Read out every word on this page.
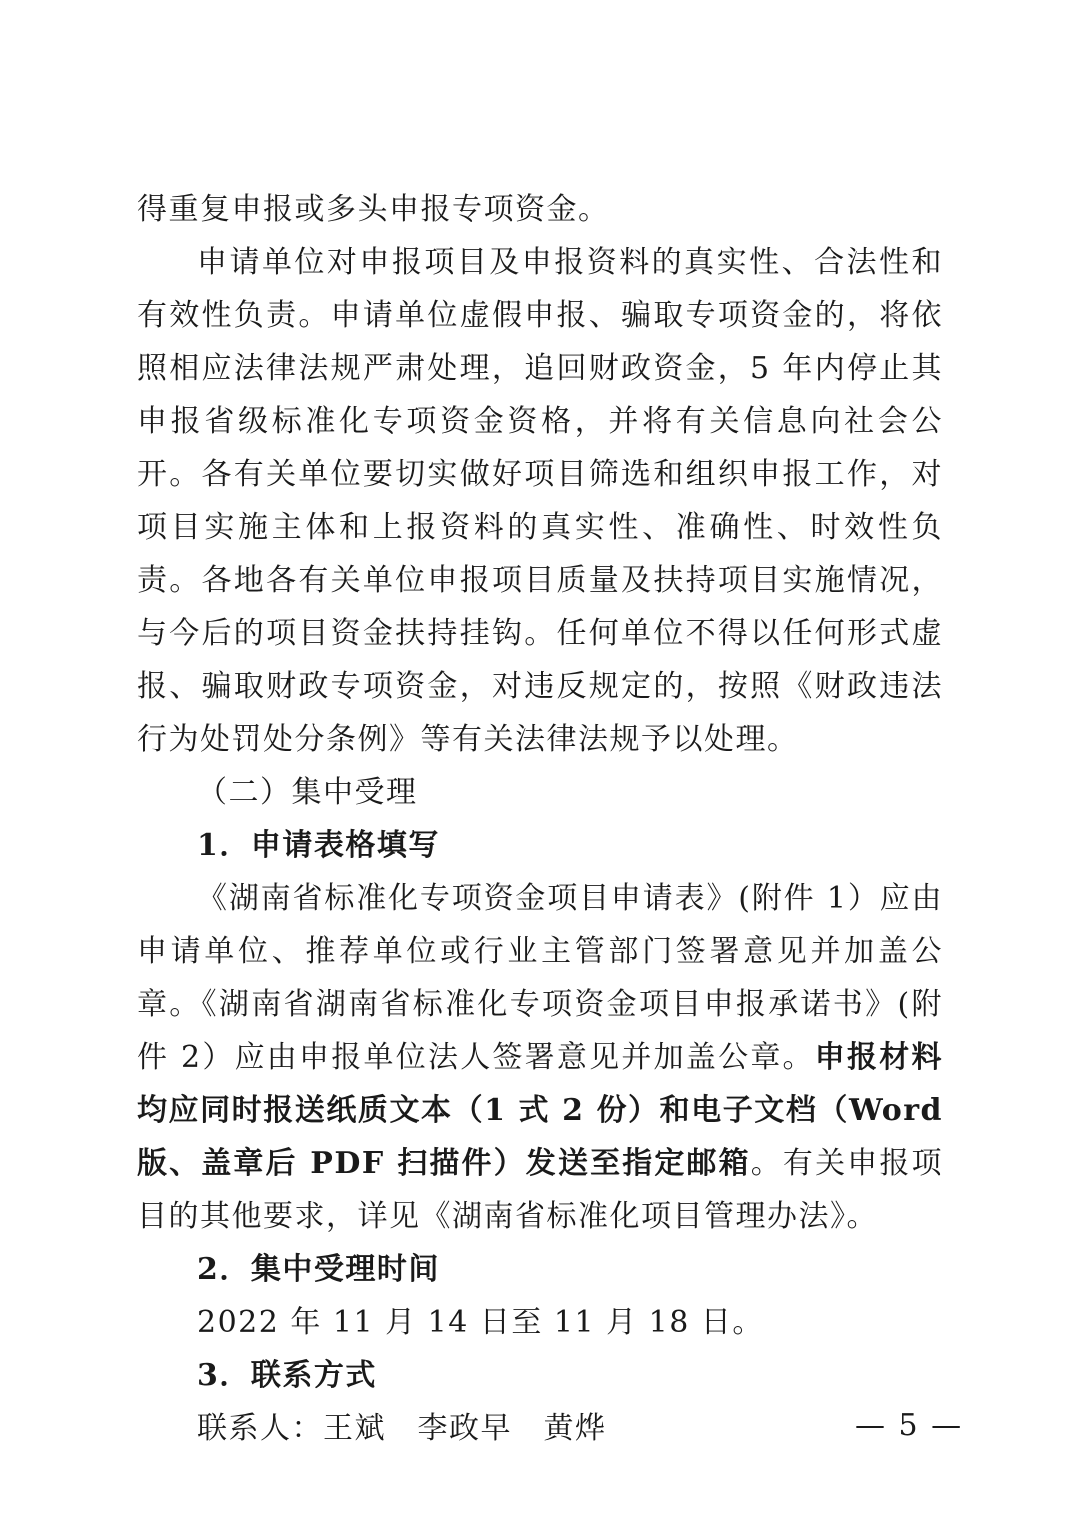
得重复申报或多头申报专项资金。

申请单位对申报项目及申报资料的真实性、合法性和有效性负责。申请单位虚假申报、骗取专项资金的，将依照相应法律法规严肃处理，追回财政资金，5 年内停止其申报省级标准化专项资金资格，并将有关信息向社会公开。各有关单位要切实做好项目筛选和组织申报工作，对项目实施主体和上报资料的真实性、准确性、时效性负责。各地各有关单位申报项目质量及扶持项目实施情况，与今后的项目资金扶持挂钩。任何单位不得以任何形式虚报、骗取财政专项资金，对违反规定的，按照《财政违法行为处罚处分条例》等有关法律法规予以处理。

（二）集中受理

1．申请表格填写

《湖南省标准化专项资金项目申请表》(附件 1）应由申请单位、推荐单位或行业主管部门签署意见并加盖公章。《湖南省湖南省标准化专项资金项目申报承诺书》(附件 2）应由申报单位法人签署意见并加盖公章。申报材料均应同时报送纸质文本（1 式 2 份）和电子文档（Word 版、盖章后 PDF 扫描件）发送至指定邮箱。有关申报项目的其他要求，详见《湖南省标准化项目管理办法》。

2．集中受理时间

2022 年 11 月 14 日至 11 月 18 日。

3．联系方式

联系人：王斌　李政早　黄烨	— 5 —
